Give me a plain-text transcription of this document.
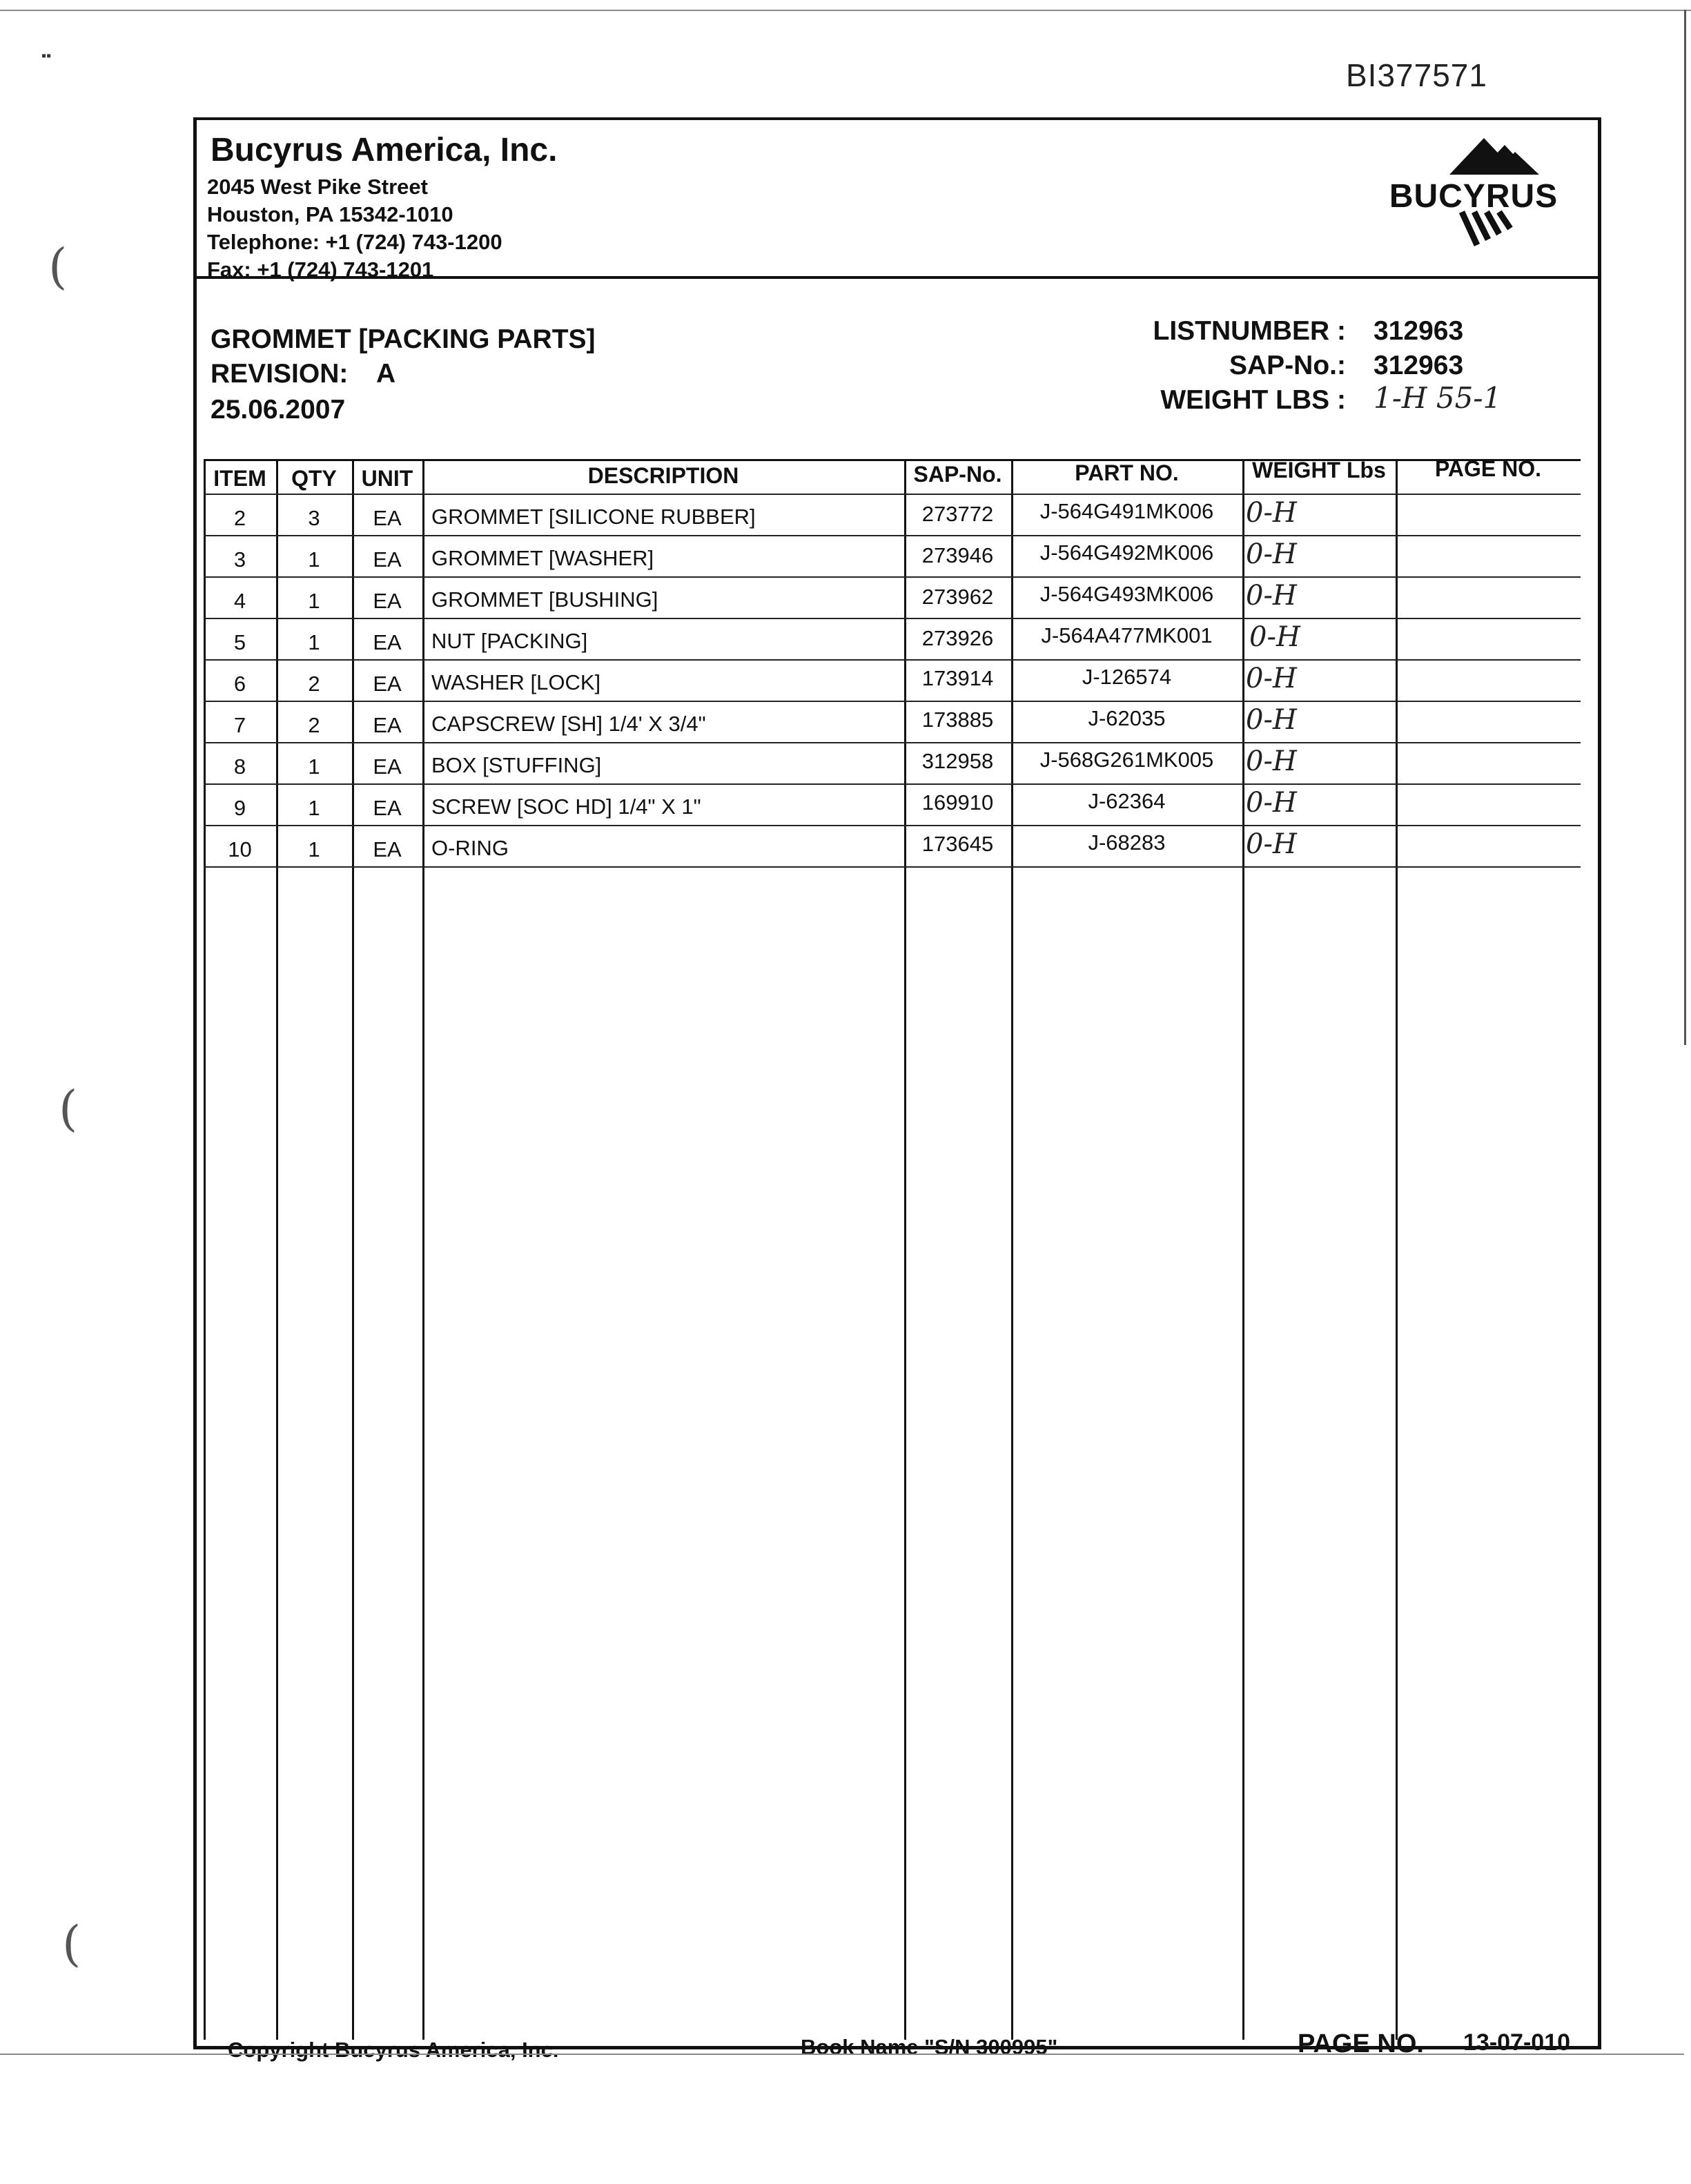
▪▪
(
(
(
BI377571
Bucyrus America, Inc.
2045 West Pike Street
Houston, PA 15342-1010
Telephone: +1 (724) 743-1200
Fax: +1 (724) 743-1201
BUCYRUS
GROMMET [PACKING PARTS]
REVISION: A
25.06.2007
LISTNUMBER : 312963
SAP-No.: 312963
WEIGHT LBS : 1-H 55-1
ITEM	QTY	UNIT	DESCRIPTION	SAP-No.	PART NO.	WEIGHT Lbs	PAGE NO.
2	3	EA	GROMMET [SILICONE RUBBER]	273772	J-564G491MK006	0-H
3	1	EA	GROMMET [WASHER]	273946	J-564G492MK006	0-H
4	1	EA	GROMMET [BUSHING]	273962	J-564G493MK006	0-H
5	1	EA	NUT [PACKING]	273926	J-564A477MK001	0-H
6	2	EA	WASHER [LOCK]	173914	J-126574	0-H
7	2	EA	CAPSCREW [SH] 1/4' X 3/4"	173885	J-62035	0-H
8	1	EA	BOX [STUFFING]	312958	J-568G261MK005	0-H
9	1	EA	SCREW [SOC HD] 1/4" X 1"	169910	J-62364	0-H
10	1	EA	O-RING	173645	J-68283	0-H
Copyright Bucyrus America, Inc.	Book Name "S/N 300995"	PAGE NO. 13-07-010
